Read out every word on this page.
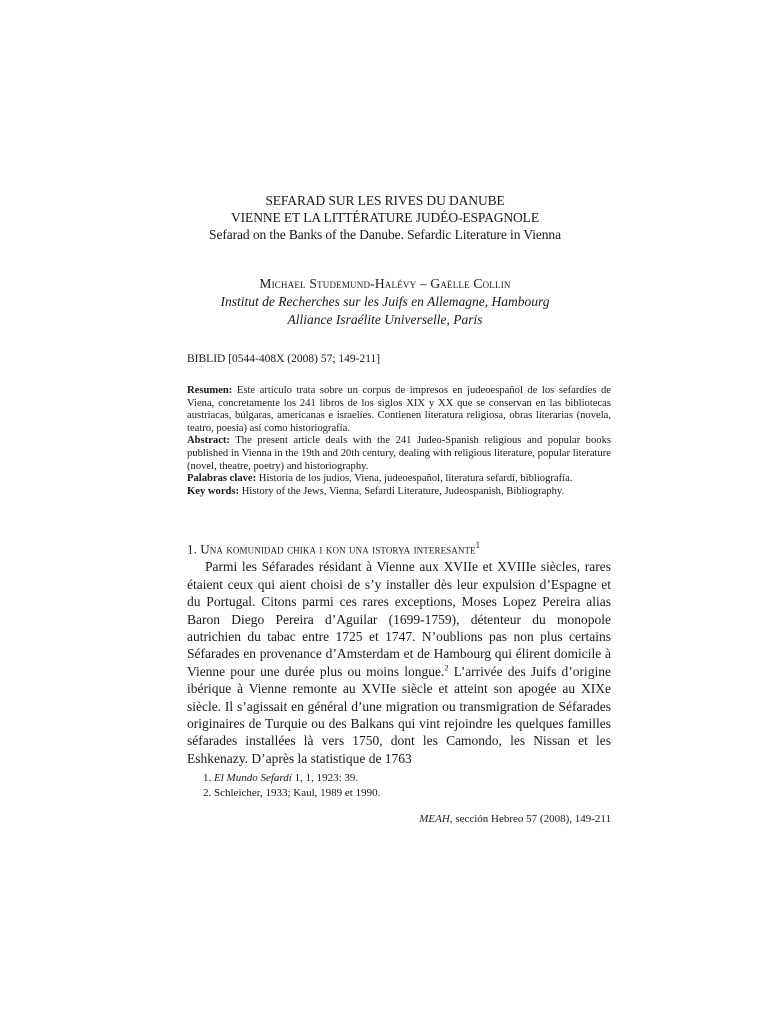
SEFARAD SUR LES RIVES DU DANUBE
VIENNE ET LA LITTÉRATURE JUDÉO-ESPAGNOLE
Sefarad on the Banks of the Danube. Sefardic Literature in Vienna
Michael Studemund-Halévy – Gaëlle Collin
Institut de Recherches sur les Juifs en Allemagne, Hambourg
Alliance Israélite Universelle, Paris
BIBLID [0544-408X (2008) 57; 149-211]

Resumen: Este artículo trata sobre un corpus de impresos en judeoespañol de los sefardíes de Viena, concretamente los 241 libros de los siglos XIX y XX que se conservan en las bibliotecas austriacas, búlgaras, americanas e israelíes. Contienen literatura religiosa, obras literarias (novela, teatro, poesía) así como historiografía.

Abstract: The present article deals with the 241 Judeo-Spanish religious and popular books published in Vienna in the 19th and 20th century, dealing with religious literature, popular literature (novel, theatre, poetry) and historiography.

Palabras clave: Historia de los judíos, Viena, judeoespañol, literatura sefardí, bibliografía.

Key words: History of the Jews, Vienna, Sefardi Literature, Judeospanish, Bibliography.

1. Una komunidad chika i kon una istorya interesante$^1$

Parmi les Séfarades résidant à Vienne aux XVIIe et XVIIIe siècles, rares étaient ceux qui aient choisi de s’y installer dès leur expulsion d’Espagne et du Portugal. Citons parmi ces rares exceptions, Moses Lopez Pereira alias Baron Diego Pereira d’Aguilar (1699-1759), détenteur du monopole autrichien du tabac entre 1725 et 1747. N’oublions pas non plus certains Séfarades en provenance d’Amsterdam et de Hambourg qui élirent domicile à Vienne pour une durée plus ou moins longue.$^2$ L’arrivée des Juifs d’origine ibérique à Vienne remonte au XVIIe siècle et atteint son apogée au XIXe siècle. Il s’agissait en général d’une migration ou transmigration de Séfarades originaires de Turquie ou des Balkans qui vint rejoindre les quelques familles séfarades installées là vers 1750, dont les Camondo, les Nissan et les Eshkenazy. D’après la statistique de 1763

1. El Mundo Sefardí 1, 1, 1923: 39.
2. Schleicher, 1933; Kaul, 1989 et 1990.
MEAH, sección Hebreo 57 (2008), 149-211
